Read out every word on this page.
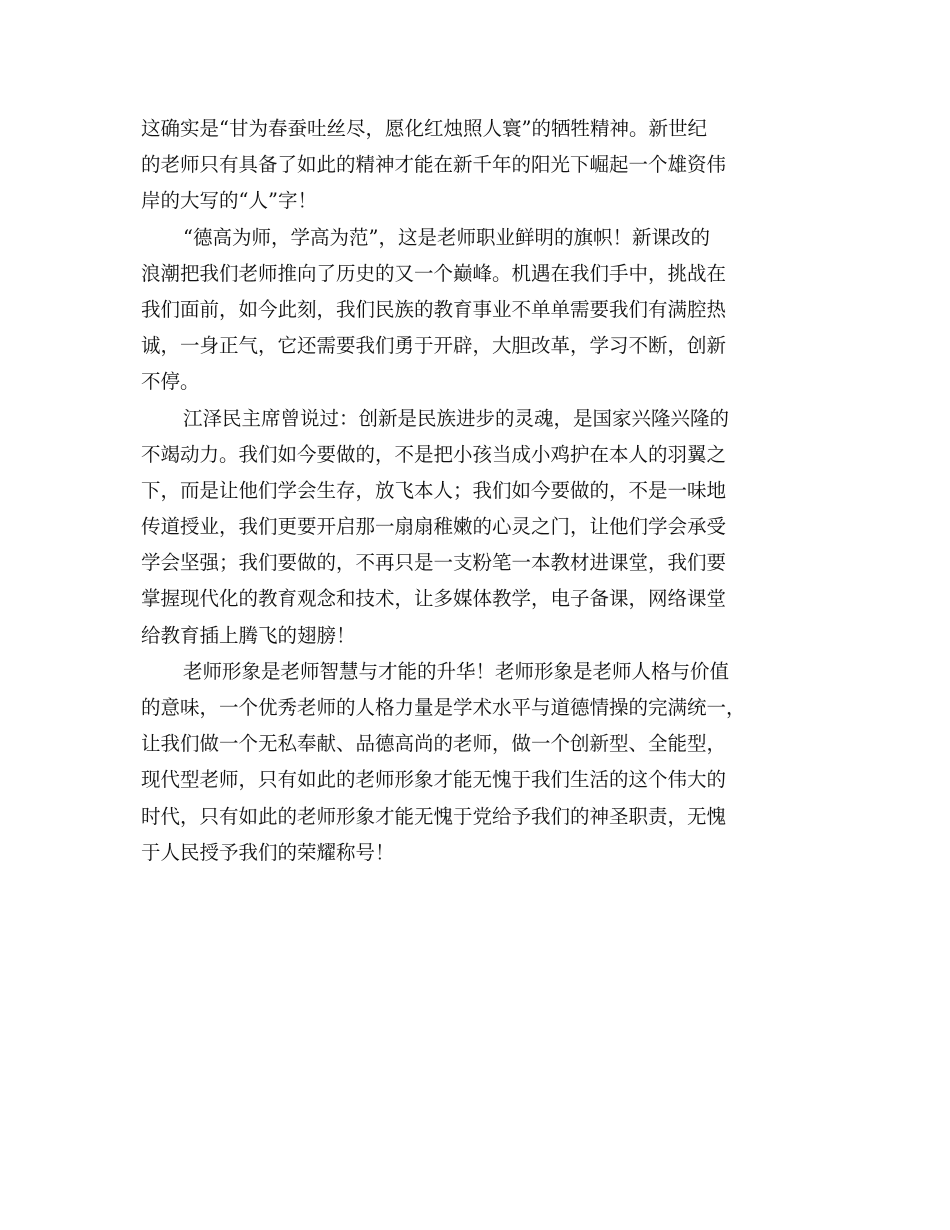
这确实是“甘为春蚕吐丝尽，愿化红烛照人寰”的牺牲精神。新世纪
的老师只有具备了如此的精神才能在新千年的阳光下崛起一个雄资伟
岸的大写的“人”字！
“德高为师，学高为范”，这是老师职业鲜明的旗帜！新课改的
浪潮把我们老师推向了历史的又一个巅峰。机遇在我们手中，挑战在
我们面前，如今此刻，我们民族的教育事业不单单需要我们有满腔热
诚，一身正气，它还需要我们勇于开辟，大胆改革，学习不断，创新
不停。
江泽民主席曾说过：创新是民族进步的灵魂，是国家兴隆兴隆的
不竭动力。我们如今要做的，不是把小孩当成小鸡护在本人的羽翼之
下，而是让他们学会生存，放飞本人；我们如今要做的，不是一味地
传道授业，我们更要开启那一扇扇稚嫩的心灵之门，让他们学会承受
学会坚强；我们要做的，不再只是一支粉笔一本教材进课堂，我们要
掌握现代化的教育观念和技术，让多媒体教学，电子备课，网络课堂
给教育插上腾飞的翅膀！
老师形象是老师智慧与才能的升华！老师形象是老师人格与价值
的意味，一个优秀老师的人格力量是学术水平与道德情操的完满统一，
让我们做一个无私奉献、品德高尚的老师，做一个创新型、全能型，
现代型老师，只有如此的老师形象才能无愧于我们生活的这个伟大的
时代，只有如此的老师形象才能无愧于党给予我们的神圣职责，无愧
于人民授予我们的荣耀称号！
